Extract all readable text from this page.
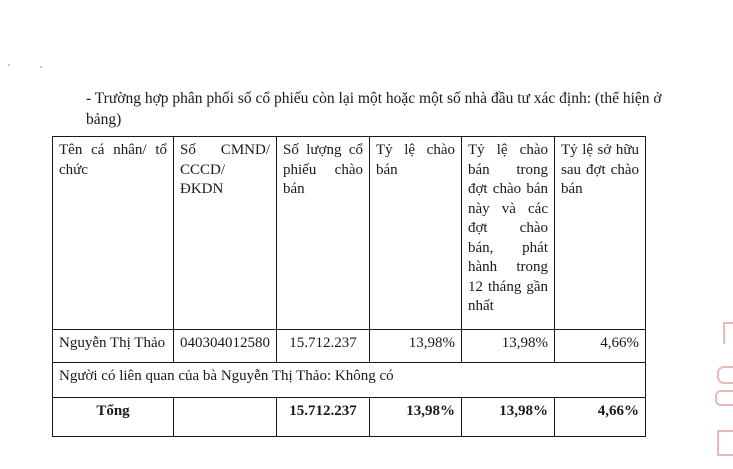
- Trường hợp phân phối số cổ phiếu còn lại một hoặc một số nhà đầu tư xác định: (thể hiện ở bảng)
Tên cá nhân/ tổ chức	Số CMND/ CCCD/ ĐKDN	Số lượng cổ phiếu chào bán	Tỷ lệ chào bán	Tỷ lệ chào bán trong đợt chào bán này và các đợt chào bán, phát hành trong 12 tháng gần nhất	Tỷ lệ sở hữu sau đợt chào bán

Nguyễn Thị Thảo	040304012580	15.712.237	13,98%	13,98%	4,66%
Người có liên quan của bà Nguyễn Thị Thảo: Không có					
Tổng		15.712.237	13,98%	13,98%	4,66%
